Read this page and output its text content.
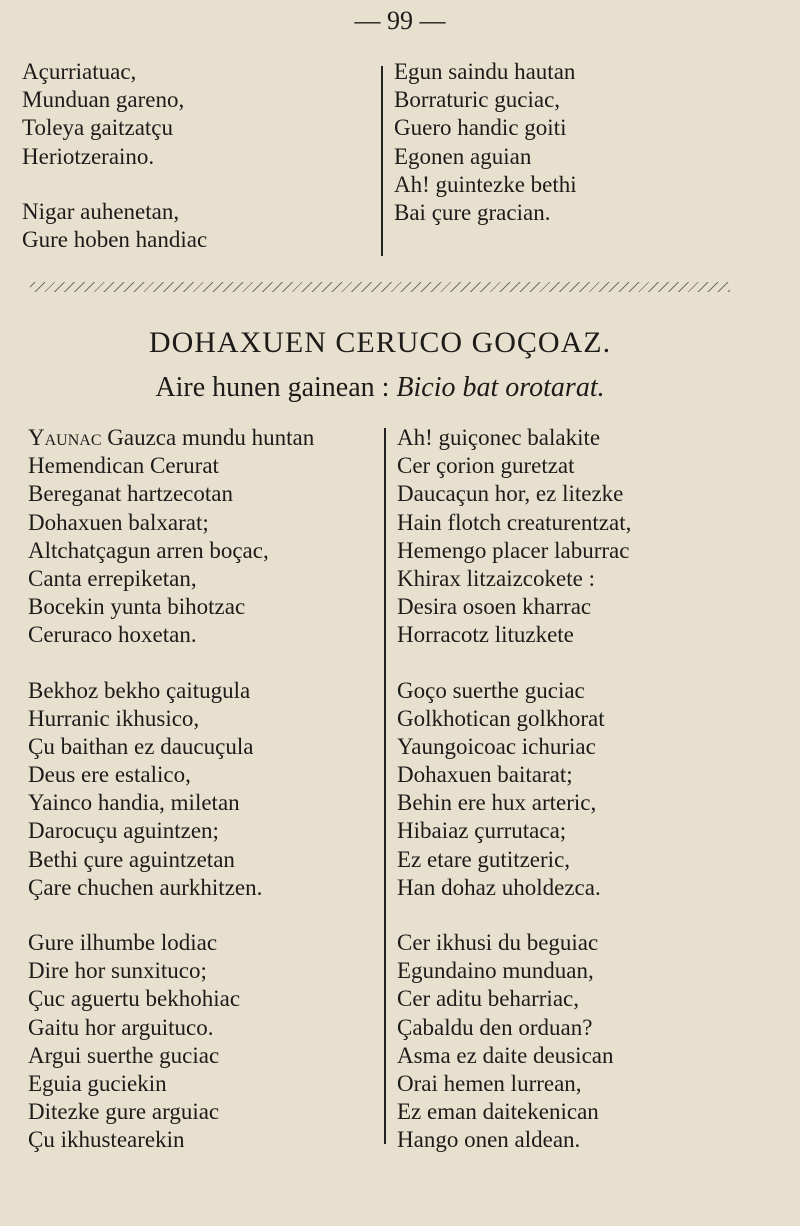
— 99 —
Açurriatuac,
Munduan gareno,
Toleya gaitzatçu
Heriotzeraino.
Nigar auhenetan,
Gure hoben handiac
Egun saindu hautan
Borraturic guciac,
Guero handic goiti
Egonen aguian
Ah! guintezke bethi
Bai çure gracian.
DOHAXUEN CERUCO GOÇOAZ.
Aire hunen gainean : Bicio bat orotarat.
Yaunac Gauzca mundu huntan
Hemendican Cerurat
Bereganat hartzecotan
Dohaxuen balxarat;
Altchatçagun arren boçac,
Canta errepiketan,
Bocekin yunta bihotzac
Ceruraco hoxetan.
Bekhoz bekho çaitugula
Hurranic ikhusico,
Çu baithan ez daucuçula
Deus ere estalico,
Yainco handia, miletan
Darocuçu aguintzen;
Bethi çure aguintzetan
Çare chuchen aurkhitzen.
Gure ilhumbe lodiac
Dire hor sunxituco;
Çuc aguertu bekhohiac
Gaitu hor arguituco.
Argui suerthe guciac
Eguia guciekin
Ditezke gure arguiac
Çu ikhustearekin
Ah! guiçonec balakite
Cer çorion guretzat
Daucaçun hor, ez litezke
Hain flotch creaturentzat,
Hemengo placer laburrac
Khirax litzaizcokete :
Desira osoen kharrac
Horracotz lituzkete
Goço suerthe guciac
Golkhotican golkhorat
Yaungoicoac ichuriac
Dohaxuen baitarat;
Behin ere hux arteric,
Hibaiaz çurrutaca;
Ez etare gutitzeric,
Han dohaz uholdezca.
Cer ikhusi du beguiac
Egundaino munduan,
Cer aditu beharriac,
Çabaldu den orduan?
Asma ez daite deusican
Orai hemen lurrean,
Ez eman daitekenican
Hango onen aldean.
